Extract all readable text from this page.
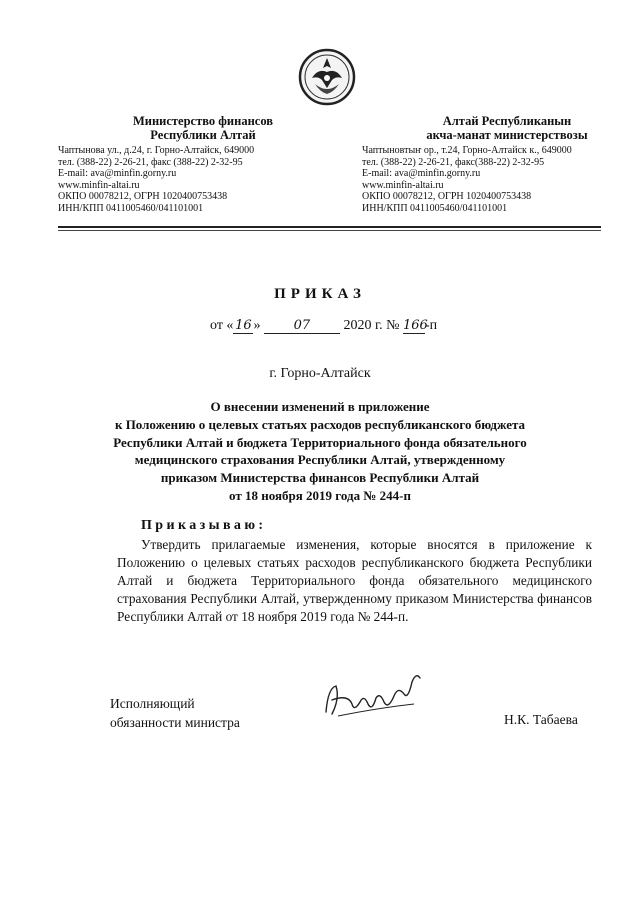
Министерство финансов
Республики Алтай
Чаптынова ул., д.24, г. Горно-Алтайск, 649000
тел. (388-22) 2-26-21, факс (388-22) 2-32-95
E-mail: ava@minfin.gorny.ru
www.minfin-altai.ru
ОКПО 00078212, ОГРН 1020400753438
ИНН/КПП 0411005460/041101001
Алтай Республиканын
акча-манат министерствозы
Чаптыновтыҥ ор., т.24, Горно-Алтайск к., 649000
тел. (388-22) 2-26-21, факс(388-22) 2-32-95
E-mail: ava@minfin.gorny.ru
www.minfin-altai.ru
ОКПО 00078212, ОГРН 1020400753438
ИНН/КПП 0411005460/041101001
ПРИКАЗ
от « 16 »	07 2020 г. № 166-п
г. Горно-Алтайск
О внесении изменений в приложение
к Положению о целевых статьях расходов республиканского бюджета
Республики Алтай и бюджета Территориального фонда обязательного
медицинского страхования Республики Алтай, утвержденному
приказом Министерства финансов Республики Алтай
от 18 ноября 2019 года № 244-п
Приказываю:
Утвердить прилагаемые изменения, которые вносятся в приложение к Положению о целевых статьях расходов республиканского бюджета Республики Алтай и бюджета Территориального фонда обязательного медицинского страхования Республики Алтай, утвержденному приказом Министерства финансов Республики Алтай от 18 ноября 2019 года № 244-п.
Исполняющий
обязанности министра	Н.К. Табаева
